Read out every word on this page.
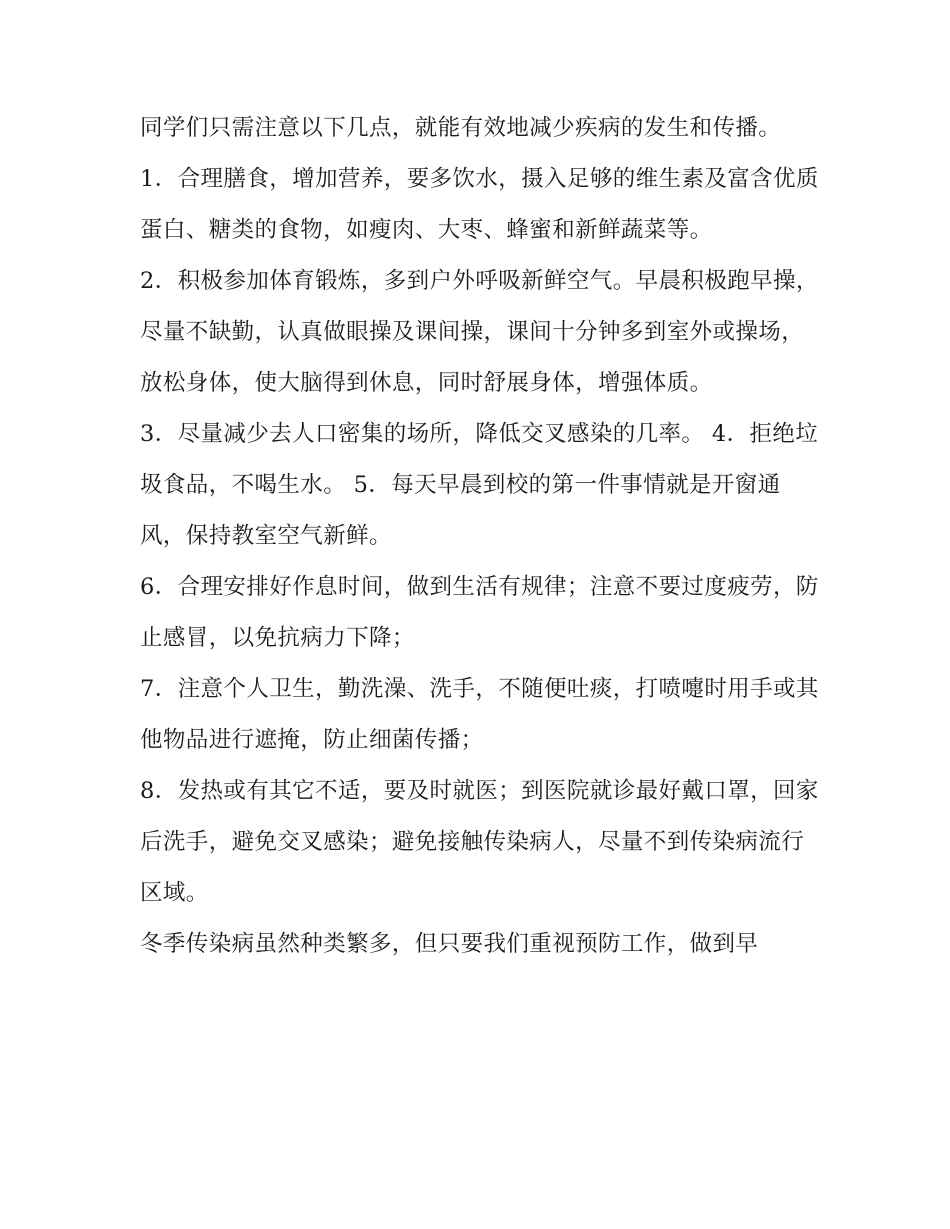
同学们只需注意以下几点，就能有效地减少疾病的发生和传播。

1．合理膳食，增加营养，要多饮水，摄入足够的维生素及富含优质蛋白、糖类的食物，如瘦肉、大枣、蜂蜜和新鲜蔬菜等。

2．积极参加体育锻炼，多到户外呼吸新鲜空气。早晨积极跑早操，尽量不缺勤，认真做眼操及课间操，课间十分钟多到室外或操场，放松身体，使大脑得到休息，同时舒展身体，增强体质。

3．尽量减少去人口密集的场所，降低交叉感染的几率。 4．拒绝垃圾食品，不喝生水。 5．每天早晨到校的第一件事情就是开窗通风，保持教室空气新鲜。

6．合理安排好作息时间，做到生活有规律；注意不要过度疲劳，防止感冒，以免抗病力下降；

7．注意个人卫生，勤洗澡、洗手，不随便吐痰，打喷嚏时用手或其他物品进行遮掩，防止细菌传播；

8．发热或有其它不适，要及时就医；到医院就诊最好戴口罩，回家后洗手，避免交叉感染；避免接触传染病人，尽量不到传染病流行区域。

冬季传染病虽然种类繁多，但只要我们重视预防工作，做到早
